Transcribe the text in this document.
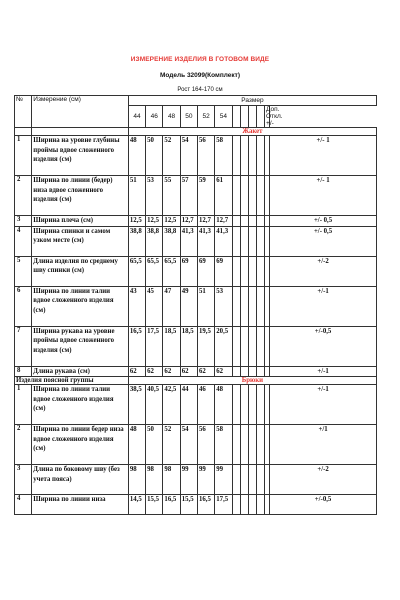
ИЗМЕРЕНИЕ ИЗДЕЛИЯ В ГОТОВОМ ВИДЕ
Модель 32099(Комплект)
Рост 164-170 см
№	Измерение (см)	Размер											
		44	46	48	50	52	54					Доп. Откл. +/-	
		Жакет											
1	Ширина на уровне глубины проймы вдвое сложенного изделия (см)	48	50	52	54	56	58						+/- 1
2	Ширина по линии (бедер) низа вдвое сложенного изделия (см)	51	53	55	57	59	61						+/- 1
3	Ширина плеча (см)	12,5	12,5	12,5	12,7	12,7	12,7						+/- 0,5
4	Ширина спинки и самом узком месте (см)	38,8	38,8	38,8	41,3	41,3	41,3						+/- 0,5
5	Длина изделия по среднему шву спинки (см)	65,5	65,5	65,5	69	69	69						+/-2
6	Ширина по линии талии вдвое сложенного изделия (см)	43	45	47	49	51	53						+/-1
7	Ширина рукава на уровне проймы вдвое сложенного изделия (см)	16,5	17,5	18,5	18,5	19,5	20,5						+/-0,5
8	Длина рукава (см)	62	62	62	62	62	62						+/-1
Изделия поясной группы		Брюки											
1	Ширина по линии талии вдвое сложенного изделия (см)	38,5	40,5	42,5	44	46	48						+/-1
2	Ширина по линии бедер низа вдвое сложенного изделия (см)	48	50	52	54	56	58						+/1
3	Длина по боковому шву (без учета пояса)	98	98	98	99	99	99						+/-2
4	Ширина по линии низа	14,5	15,5	16,5	15,5	16,5	17,5						+/-0,5
